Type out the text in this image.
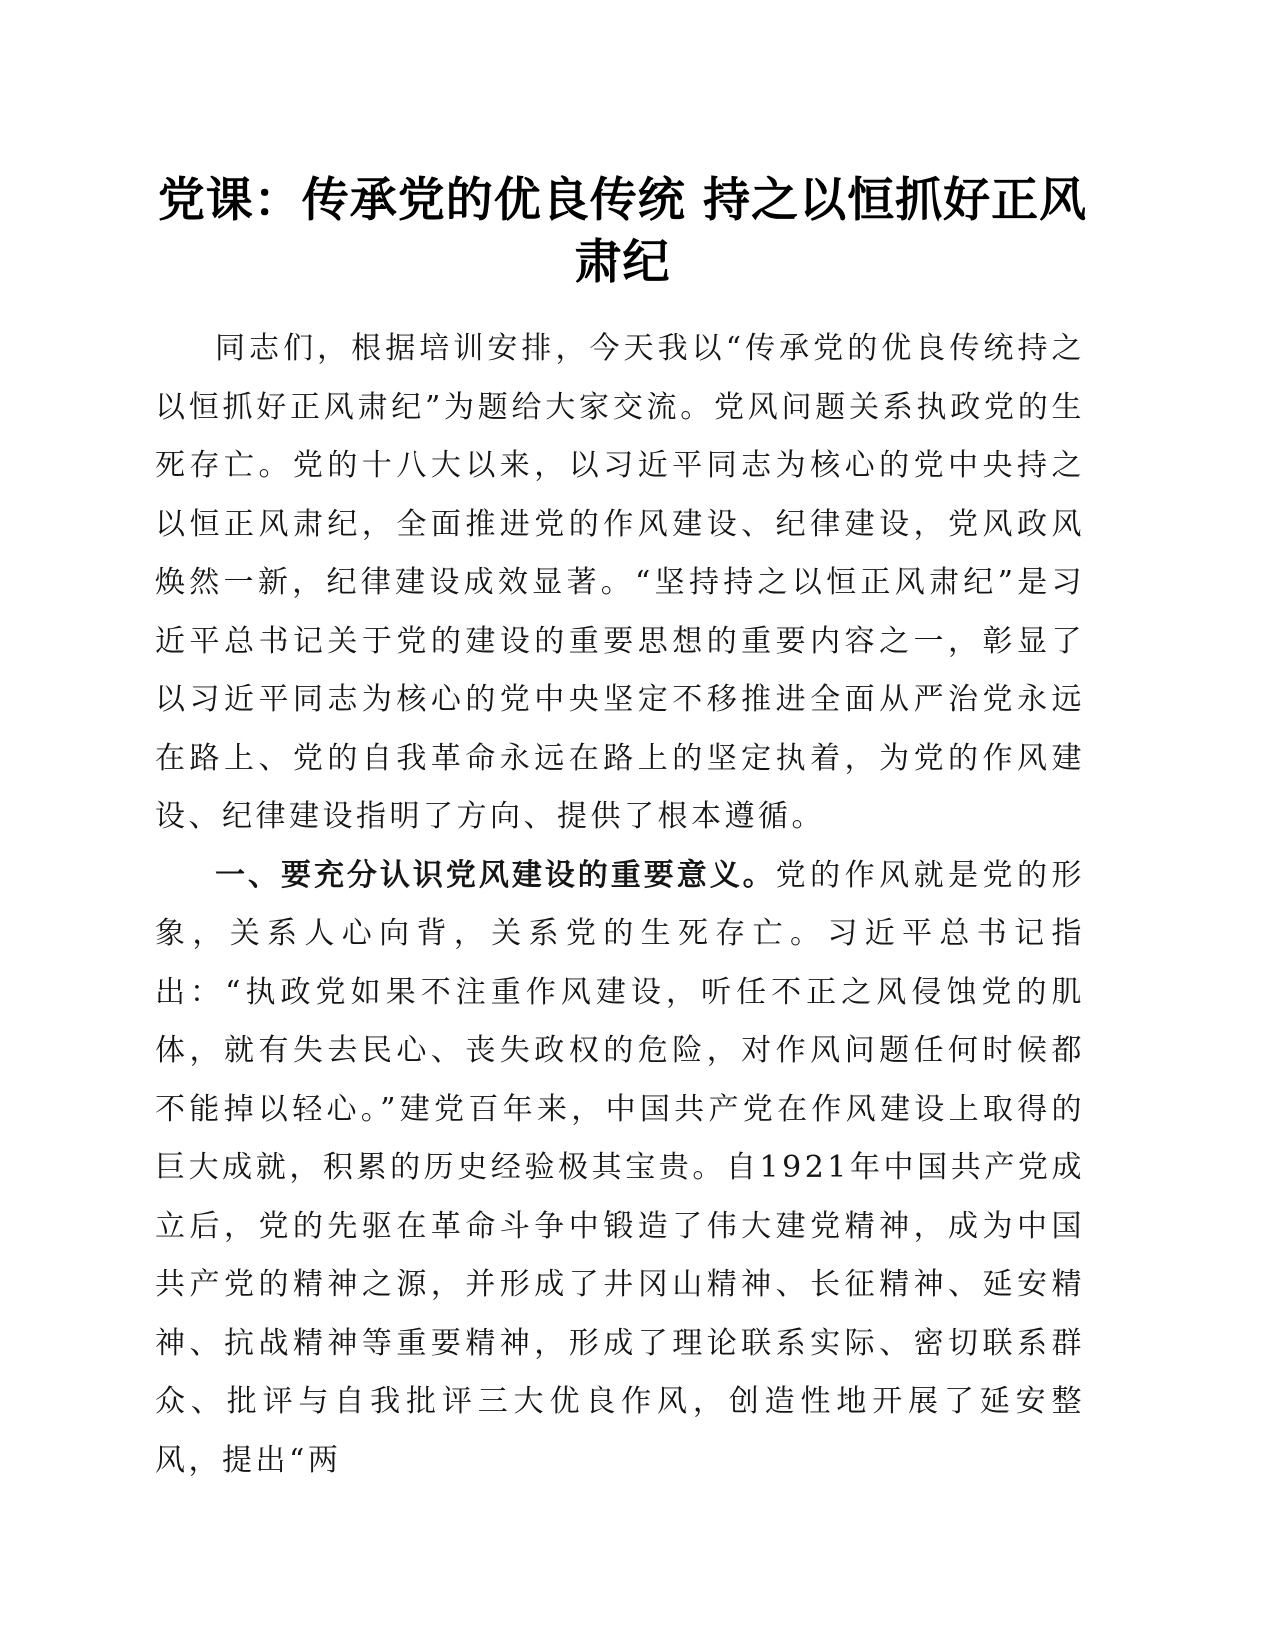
党课：传承党的优良传统 持之以恒抓好正风肃纪

同志们，根据培训安排，今天我以“传承党的优良传统持之以恒抓好正风肃纪”为题给大家交流。党风问题关系执政党的生死存亡。党的十八大以来，以习近平同志为核心的党中央持之以恒正风肃纪，全面推进党的作风建设、纪律建设，党风政风焕然一新，纪律建设成效显著。“坚持持之以恒正风肃纪”是习近平总书记关于党的建设的重要思想的重要内容之一，彰显了以习近平同志为核心的党中央坚定不移推进全面从严治党永远在路上、党的自我革命永远在路上的坚定执着，为党的作风建设、纪律建设指明了方向、提供了根本遵循。

一、要充分认识党风建设的重要意义。党的作风就是党的形象，关系人心向背，关系党的生死存亡。习近平总书记指出：“执政党如果不注重作风建设，听任不正之风侵蚀党的肌体，就有失去民心、丧失政权的危险，对作风问题任何时候都不能掉以轻心。”建党百年来，中国共产党在作风建设上取得的巨大成就，积累的历史经验极其宝贵。自1921年中国共产党成立后，党的先驱在革命斗争中锻造了伟大建党精神，成为中国共产党的精神之源，并形成了井冈山精神、长征精神、延安精神、抗战精神等重要精神，形成了理论联系实际、密切联系群众、批评与自我批评三大优良作风，创造性地开展了延安整风，提出“两
